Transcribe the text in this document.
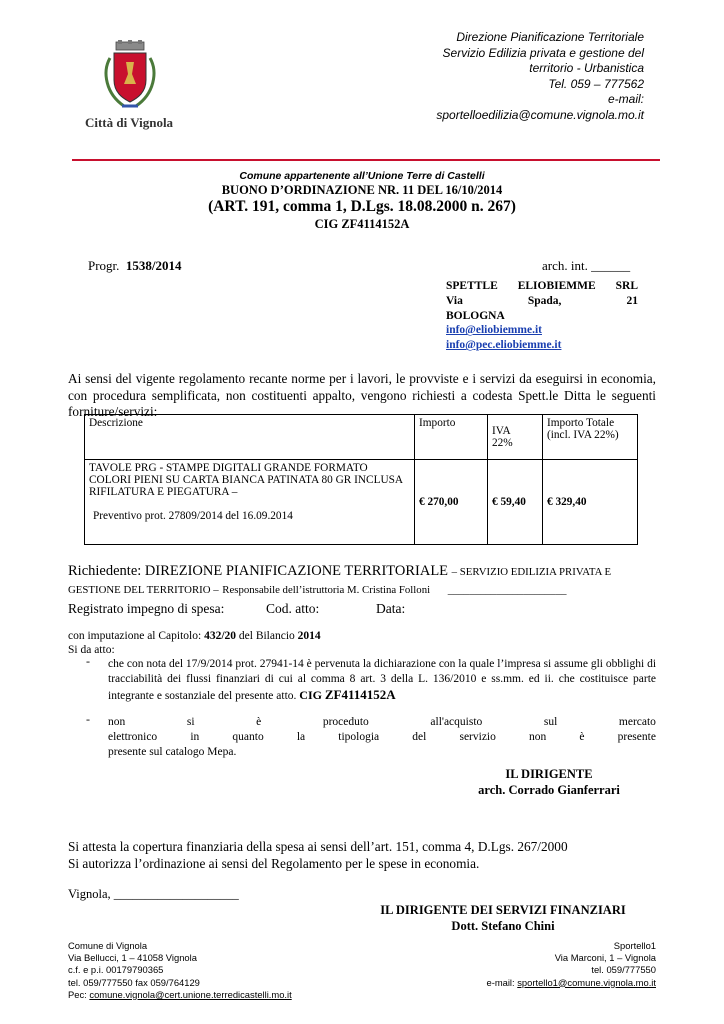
Città di Vignola
Direzione Pianificazione Territoriale
Servizio Edilizia privata e gestione del
territorio - Urbanistica
Tel. 059 – 777562
e-mail:
sportelloedilizia@comune.vignola.mo.it
Comune appartenente all’Unione Terre di Castelli
BUONO D’ORDINAZIONE NR. 11 DEL 16/10/2014
(ART. 191, comma 1, D.Lgs. 18.08.2000 n. 267)
CIG ZF4114152A
Progr. 1538/2014	arch. int. ______
SPETTLE ELIOBIEMME SRL
Via	Spada,	21
BOLOGNA
info@eliobiemme.it
info@pec.eliobiemme.it
Ai sensi del vigente regolamento recante norme per i lavori, le provviste e i servizi da eseguirsi in economia, con procedura semplificata, non costituenti appalto, vengono richiesti a codesta Spett.le Ditta le seguenti forniture/servizi:
Descrizione	Importo	IVA 22%	Importo Totale (incl. IVA 22%)

TAVOLE PRG - STAMPE DIGITALI GRANDE FORMATO COLORI PIENI SU CARTA BIANCA PATINATA 80 GR INCLUSA RIFILATURA E PIEGATURA –
Preventivo prot. 27809/2014 del 16.09.2014	€ 270,00	€ 59,40	€ 329,40
Richiedente: DIREZIONE PIANIFICAZIONE TERRITORIALE – SERVIZIO EDILIZIA PRIVATA E GESTIONE DEL TERRITORIO – Responsabile dell’istruttoria M. Cristina Folloni ______________________
Registrato impegno di spesa:	Cod. atto:	Data:
con imputazione al Capitolo: 432/20 del Bilancio 2014
Si da atto:
- che con nota del 17/9/2014 prot. 27941-14 è pervenuta la dichiarazione con la quale l’impresa si assume gli obblighi di tracciabilità dei flussi finanziari di cui al comma 8 art. 3 della L. 136/2010 e ss.mm. ed ii. che costituisce parte integrante e sostanziale del presente atto. CIG ZF4114152A
- non	si	è	proceduto	all'acquisto	sul	mercato
elettronico	in	quanto	la	tipologia	del	servizio	non	è	presente
presente sul catalogo Mepa.
IL DIRIGENTE
arch. Corrado Gianferrari
Si attesta la copertura finanziaria della spesa ai sensi dell’art. 151, comma 4, D.Lgs. 267/2000
Si autorizza l’ordinazione ai sensi del Regolamento per le spese in economia.
Vignola, ____________________
IL DIRIGENTE DEI SERVIZI FINANZIARI
Dott. Stefano Chini
Comune di Vignola
Via Bellucci, 1 – 41058 Vignola
c.f. e p.i. 00179790365
tel. 059/777550 fax 059/764129
Pec: comune.vignola@cert.unione.terredicastelli.mo.it
Sportello1
Via Marconi, 1 – Vignola
tel. 059/777550
e-mail: sportello1@comune.vignola.mo.it
